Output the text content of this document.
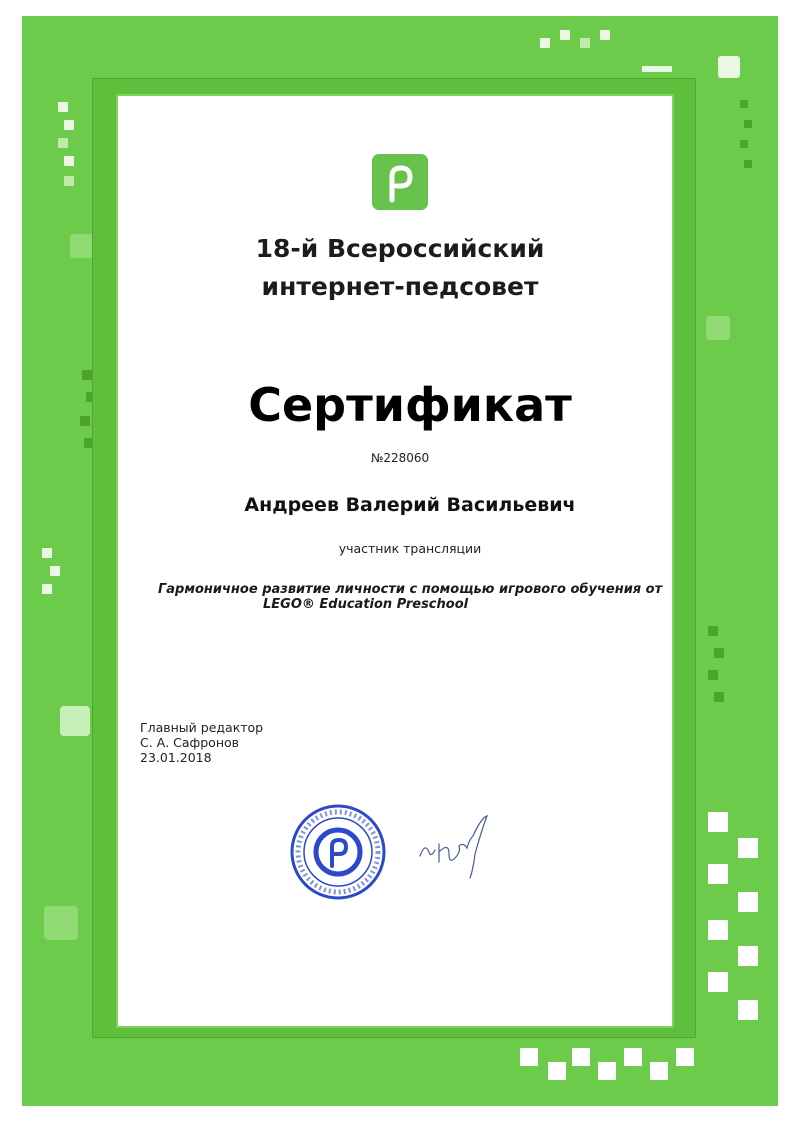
18-й Всероссийский
интернет-педсовет
Сертификат
№228060
Андреев Валерий Васильевич
участник трансляции
Гармоничное развитие личности с помощью игрового обучения от
LEGO® Education Preschool
Главный редактор
С. А. Сафронов
23.01.2018
